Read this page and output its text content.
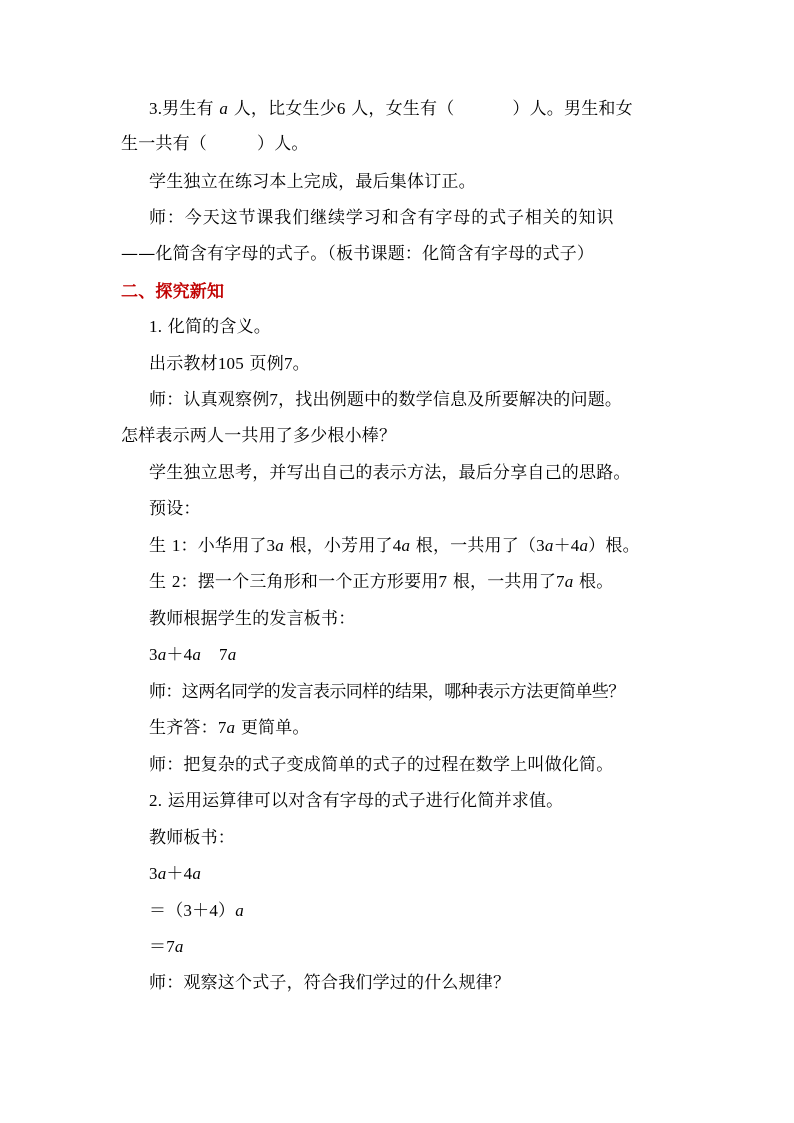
3.男生有 a 人，比女生少6 人，女生有（	）人。男生和女
生一共有（	）人。
学生独立在练习本上完成，最后集体订正。
师：今天这节课我们继续学习和含有字母的式子相关的知识
——化简含有字母的式子。（板书课题：化简含有字母的式子）
二、探究新知
1. 化简的含义。
出示教材105 页例7。
师：认真观察例7，找出例题中的数学信息及所要解决的问题。
怎样表示两人一共用了多少根小棒？
学生独立思考，并写出自己的表示方法，最后分享自己的思路。
预设：
生 1：小华用了3a 根，小芳用了4a 根，一共用了（3a＋4a）根。
生 2：摆一个三角形和一个正方形要用7 根，一共用了7a 根。
教师根据学生的发言板书：
3a＋4a 7a
师：这两名同学的发言表示同样的结果，哪种表示方法更简单些？
生齐答：7a 更简单。
师：把复杂的式子变成简单的式子的过程在数学上叫做化简。
2. 运用运算律可以对含有字母的式子进行化简并求值。
教师板书：
3a＋4a
＝（3＋4）a
＝7a
师：观察这个式子，符合我们学过的什么规律？
